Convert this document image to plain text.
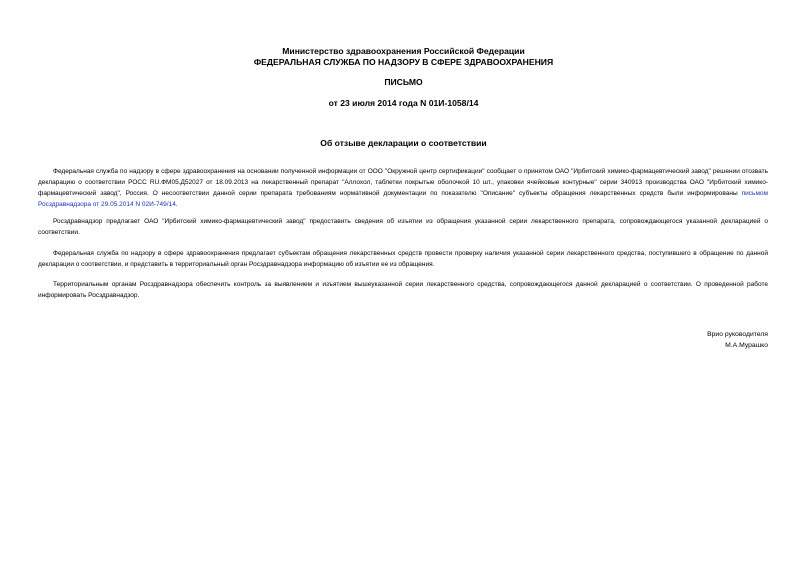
Министерство здравоохранения Российской Федерации
ФЕДЕРАЛЬНАЯ СЛУЖБА ПО НАДЗОРУ В СФЕРЕ ЗДРАВООХРАНЕНИЯ
ПИСЬМО
от 23 июля 2014 года N 01И-1058/14
Об отзыве декларации о соответствии

Федеральная служба по надзору в сфере здравоохранения на основании полученной информации от ООО "Окружной центр сертификации" сообщает о принятом ОАО "Ирбитский химико-фармацевтический завод" решении отозвать декларацию о соответствии РОСС RU.ФМ05.Д52027 от 18.09.2013 на лекарственный препарат "Аллохол, таблетки покрытые оболочкой 10 шт., упаковки ячейковые контурные" серии 340913 производства ОАО "Ирбитский химико-фармацевтический завод", Россия. О несоответствии данной серии препарата требованиям нормативной документации по показателю "Описание" субъекты обращения лекарственных средств были информированы письмом Росздравнадзора от 29.05.2014 N 02И-749/14.

Росздравнадзор предлагает ОАО "Ирбитский химико-фармацевтический завод" предоставить сведения об изъятии из обращения указанной серии лекарственного препарата, сопровождающегося указанной декларацией о соответствии.

Федеральная служба по надзору в сфере здравоохранения предлагает субъектам обращения лекарственных средств провести проверку наличия указанной серии лекарственного средства, поступившего в обращение по данной декларации о соответствии, и представить в территориальный орган Росздравнадзора информацию об изъятии ее из обращения.

Территориальным органам Росздравнадзора обеспечить контроль за выявлением и изъятием вышеуказанной серии лекарственного средства, сопровождающегося данной декларацией о соответствии. О проведенной работе информировать Росздравнадзор.

Врио руководителя
М.А.Мурашко
